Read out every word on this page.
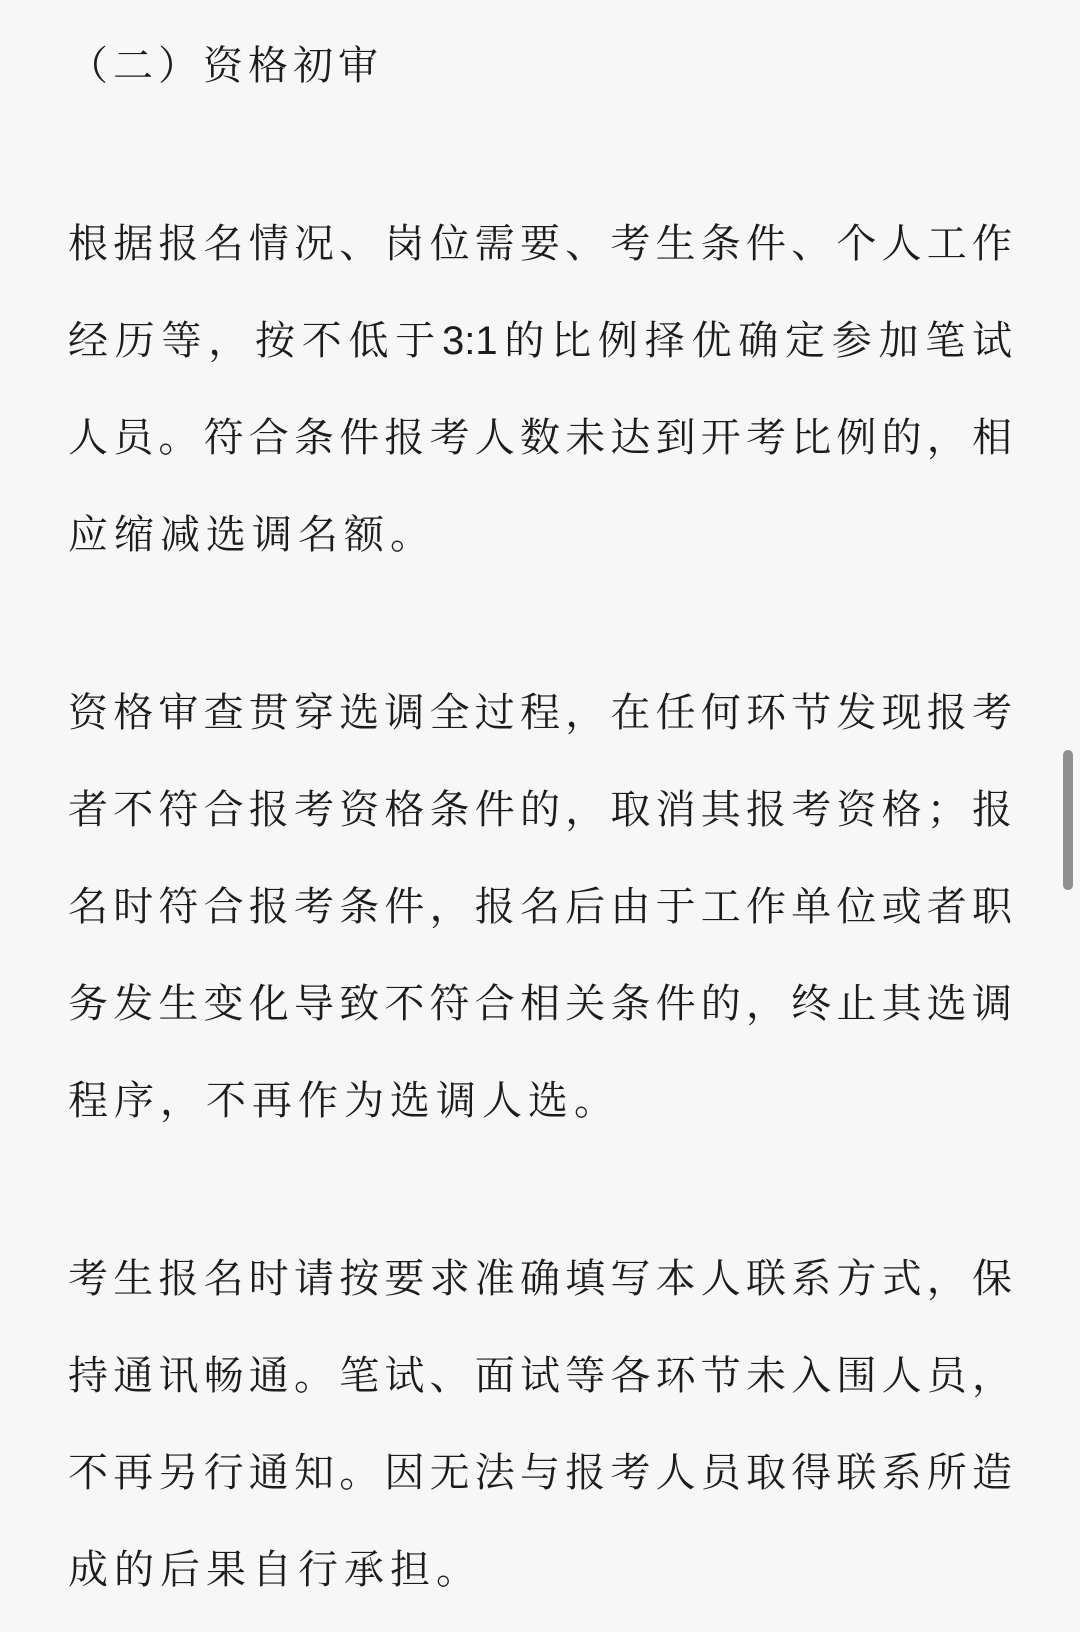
（二）资格初审

根据报名情况、岗位需要、考生条件、个人工作
经历等，按不低于3:1的比例择优确定参加笔试
人员。符合条件报考人数未达到开考比例的，相
应缩减选调名额。

资格审查贯穿选调全过程，在任何环节发现报考
者不符合报考资格条件的，取消其报考资格；报
名时符合报考条件，报名后由于工作单位或者职
务发生变化导致不符合相关条件的，终止其选调
程序，不再作为选调人选。

考生报名时请按要求准确填写本人联系方式，保
持通讯畅通。笔试、面试等各环节未入围人员，
不再另行通知。因无法与报考人员取得联系所造
成的后果自行承担。
